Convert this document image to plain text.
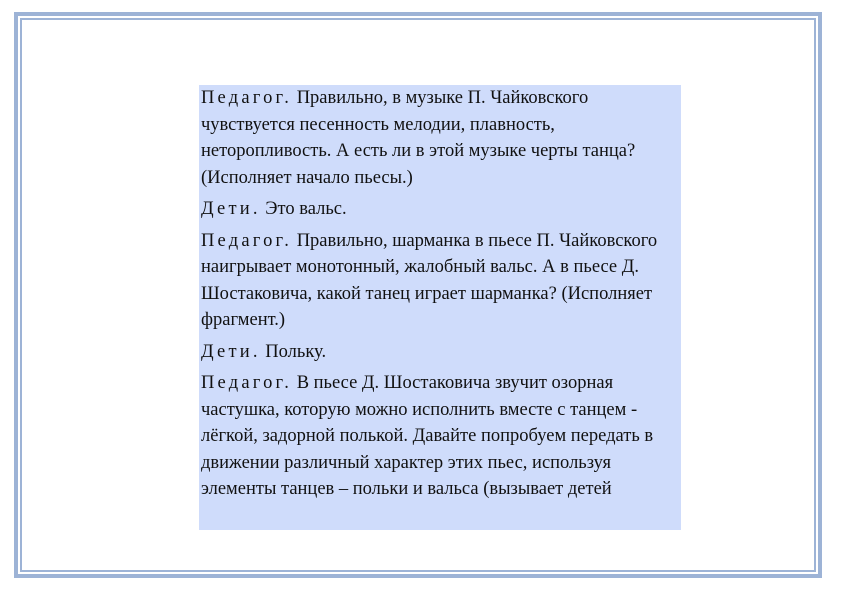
Педагог. Правильно, в музыке П. Чайковского чувствуется песенность мелодии, плавность, неторопливость. А есть ли в этой музыке черты танца? (Исполняет начало пьесы.)

Дети. Это вальс.

Педагог. Правильно, шарманка в пьесе П. Чайковского наигрывает монотонный, жалобный вальс. А в пьесе Д. Шостаковича, какой танец играет шарманка? (Исполняет фрагмент.)

Дети. Польку.

Педагог. В пьесе Д. Шостаковича звучит озорная частушка, которую можно исполнить вместе с танцем - лёгкой, задорной полькой. Давайте попробуем передать в движении различный характер этих пьес, используя элементы танцев – польки и вальса (вызывает детей
